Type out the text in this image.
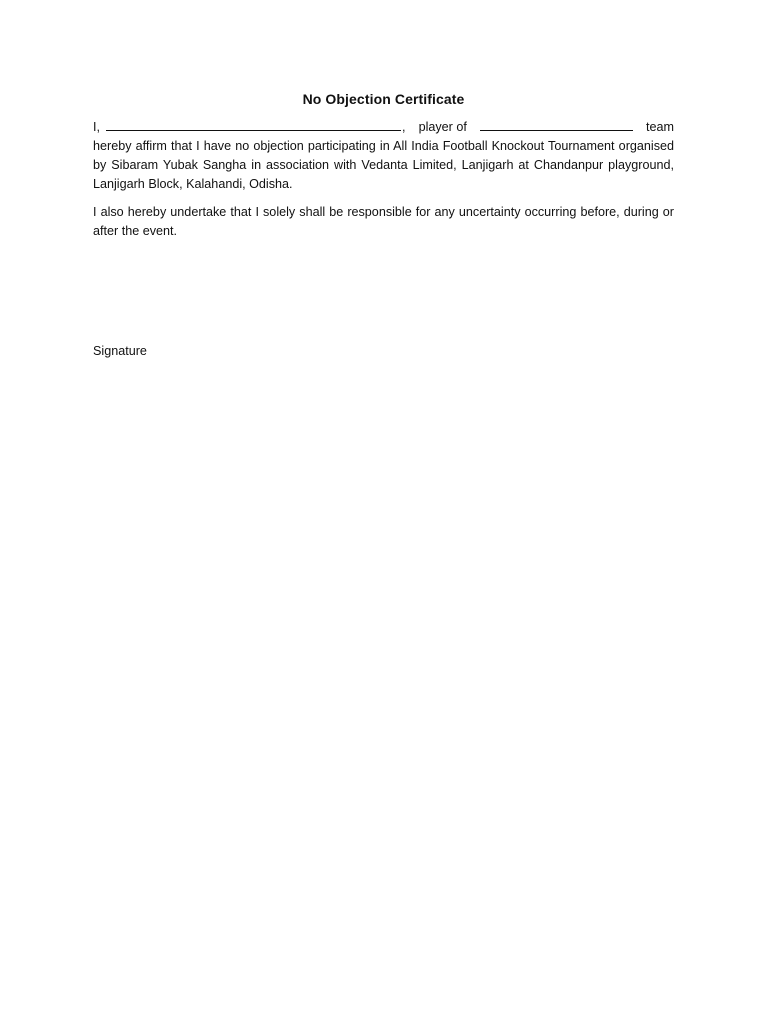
No Objection Certificate
I,	, player of	team
hereby affirm that I have no objection participating in All India Football Knockout Tournament organised by Sibaram Yubak Sangha in association with Vedanta Limited, Lanjigarh at Chandanpur playground, Lanjigarh Block, Kalahandi, Odisha.

I also hereby undertake that I solely shall be responsible for any uncertainty occurring before, during or after the event.

Signature
